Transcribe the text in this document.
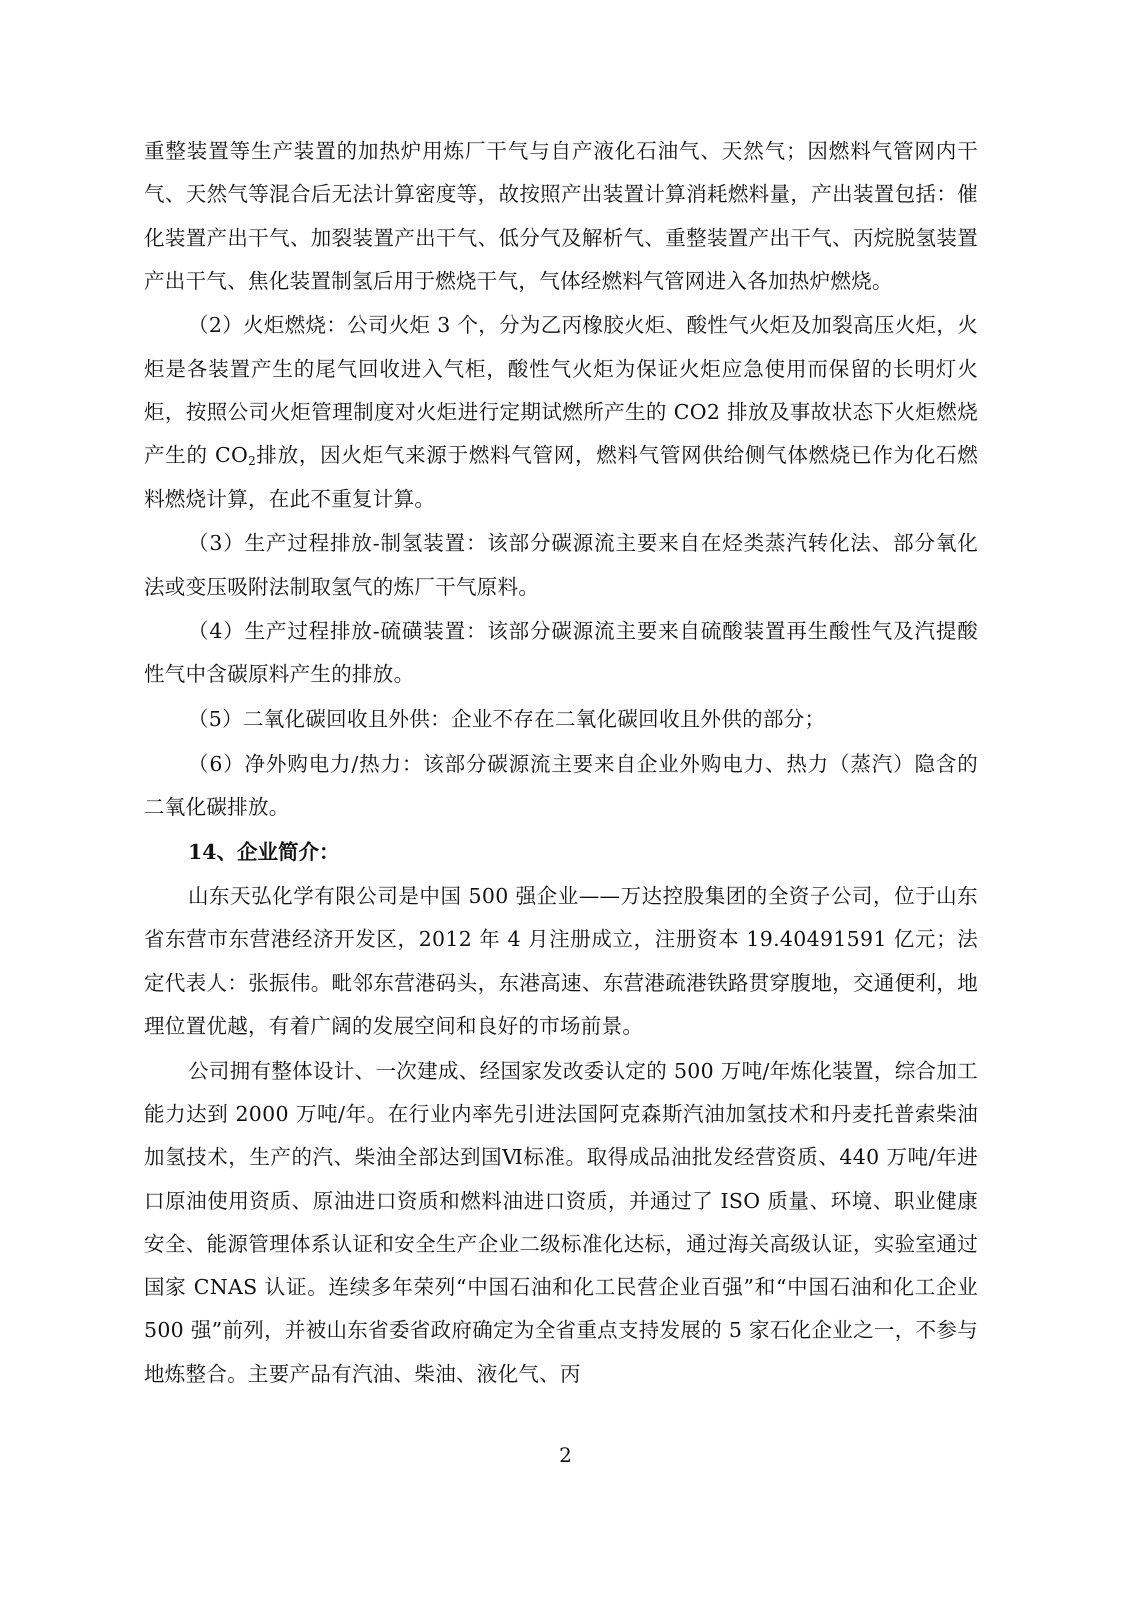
重整装置等生产装置的加热炉用炼厂干气与自产液化石油气、天然气；因燃料气管网内干气、天然气等混合后无法计算密度等，故按照产出装置计算消耗燃料量，产出装置包括：催化装置产出干气、加裂装置产出干气、低分气及解析气、重整装置产出干气、丙烷脱氢装置产出干气、焦化装置制氢后用于燃烧干气，气体经燃料气管网进入各加热炉燃烧。

（2）火炬燃烧：公司火炬 3 个，分为乙丙橡胶火炬、酸性气火炬及加裂高压火炬，火炬是各装置产生的尾气回收进入气柜，酸性气火炬为保证火炬应急使用而保留的长明灯火炬，按照公司火炬管理制度对火炬进行定期试燃所产生的 CO2 排放及事故状态下火炬燃烧产生的 $CO_2$排放，因火炬气来源于燃料气管网，燃料气管网供给侧气体燃烧已作为化石燃料燃烧计算，在此不重复计算。

（3）生产过程排放-制氢装置：该部分碳源流主要来自在烃类蒸汽转化法、部分氧化法或变压吸附法制取氢气的炼厂干气原料。

（4）生产过程排放-硫磺装置：该部分碳源流主要来自硫酸装置再生酸性气及汽提酸性气中含碳原料产生的排放。

（5）二氧化碳回收且外供：企业不存在二氧化碳回收且外供的部分；

（6）净外购电力/热力：该部分碳源流主要来自企业外购电力、热力（蒸汽）隐含的二氧化碳排放。

14、企业简介：

山东天弘化学有限公司是中国 500 强企业——万达控股集团的全资子公司，位于山东省东营市东营港经济开发区，2012 年 4 月注册成立，注册资本 19.40491591 亿元；法定代表人：张振伟。毗邻东营港码头，东港高速、东营港疏港铁路贯穿腹地，交通便利，地理位置优越，有着广阔的发展空间和良好的市场前景。

公司拥有整体设计、一次建成、经国家发改委认定的 500 万吨/年炼化装置，综合加工能力达到 2000 万吨/年。在行业内率先引进法国阿克森斯汽油加氢技术和丹麦托普索柴油加氢技术，生产的汽、柴油全部达到国Ⅵ标准。取得成品油批发经营资质、440 万吨/年进口原油使用资质、原油进口资质和燃料油进口资质，并通过了 ISO 质量、环境、职业健康安全、能源管理体系认证和安全生产企业二级标准化达标，通过海关高级认证，实验室通过国家 CNAS 认证。连续多年荣列“中国石油和化工民营企业百强”和“中国石油和化工企业 500 强”前列，并被山东省委省政府确定为全省重点支持发展的 5 家石化企业之一，不参与地炼整合。主要产品有汽油、柴油、液化气、丙

2
